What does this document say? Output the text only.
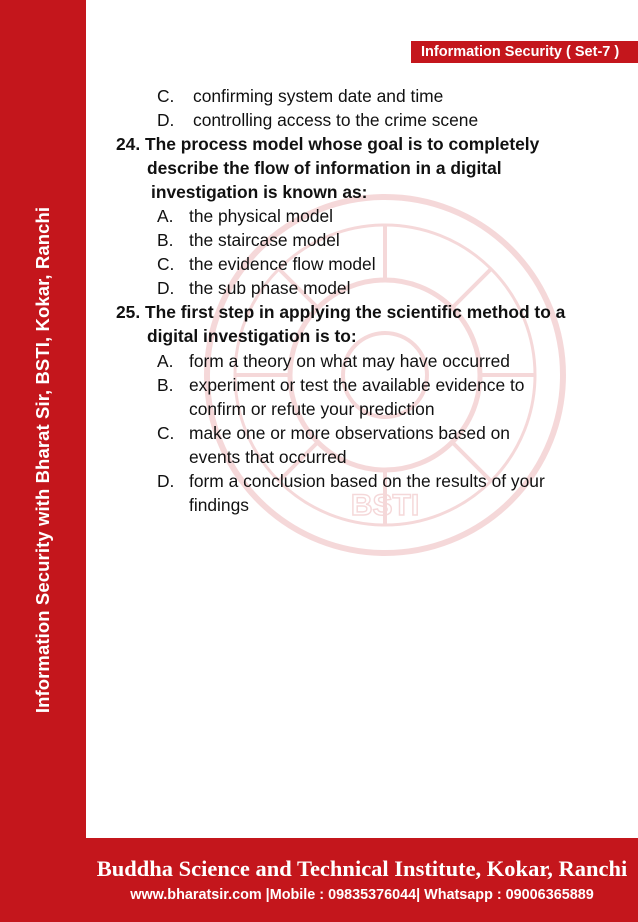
Information Security with Bharat Sir, BSTI, Kokar, Ranchi
Information Security ( Set-7 )
BSTI
C. confirming system date and time
D. controlling access to the crime scene
24. The process model whose goal is to completely
describe the flow of information in a digital
investigation is known as:
A. the physical model
B. the staircase model
C. the evidence flow model
D. the sub phase model
25. The first step in applying the scientific method to a
digital investigation is to:
A. form a theory on what may have occurred
B. experiment or test the available evidence to
confirm or refute your prediction
C. make one or more observations based on
events that occurred
D. form a conclusion based on the results of your
findings
Buddha Science and Technical Institute, Kokar, Ranchi
www.bharatsir.com |Mobile : 09835376044| Whatsapp : 09006365889
